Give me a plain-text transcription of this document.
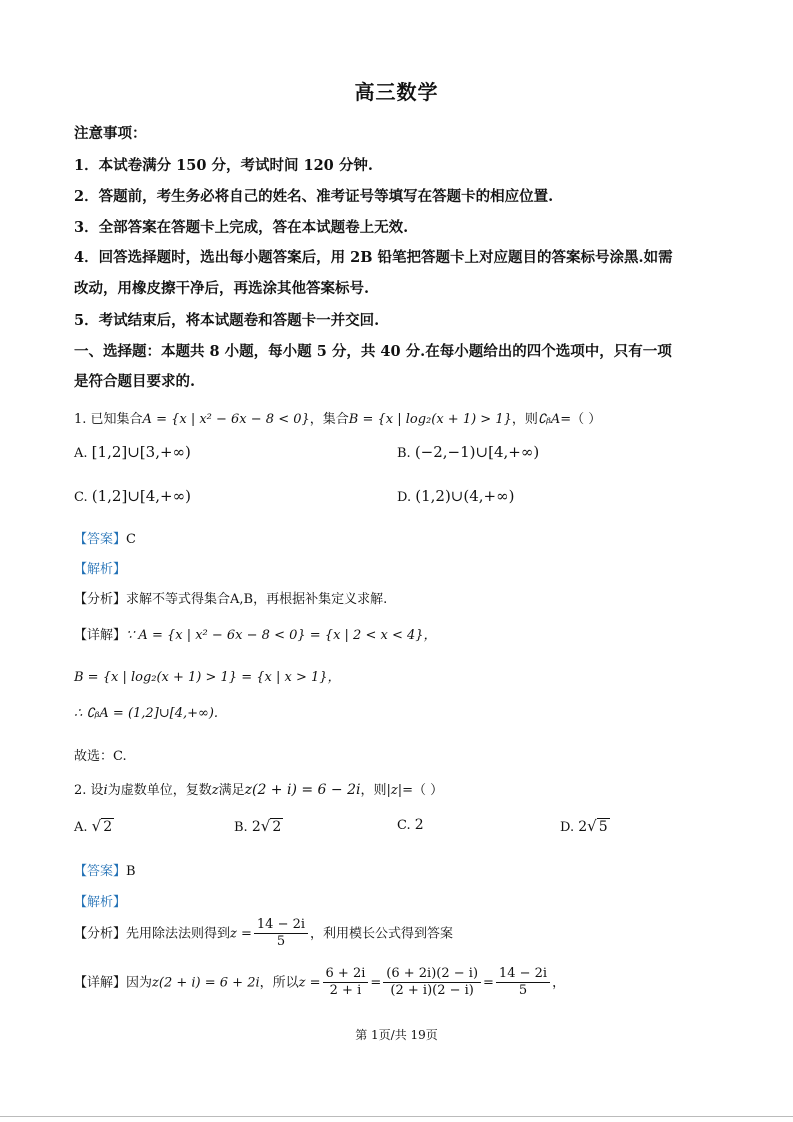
高三数学
注意事项：
1．本试卷满分 150 分，考试时间 120 分钟.
2．答题前，考生务必将自己的姓名、准考证号等填写在答题卡的相应位置.
3．全部答案在答题卡上完成，答在本试题卷上无效.
4．回答选择题时，选出每小题答案后，用 2B 铅笔把答题卡上对应题目的答案标号涂黑.如需
改动，用橡皮擦干净后，再选涂其他答案标号.
5．考试结束后，将本试题卷和答题卡一并交回.
一、选择题：本题共 8 小题，每小题 5 分，共 40 分.在每小题给出的四个选项中，只有一项
是符合题目要求的.
1. 已知集合A = {x | x² − 6x − 8 < 0}，集合B = {x | log₂(x + 1) > 1}，则∁ᵦA=（ ）
A. [1,2]∪[3,+∞)	B. (−2,−1)∪[4,+∞)
C. (1,2]∪[4,+∞)	D. (1,2)∪(4,+∞)
【答案】C
【解析】
【分析】求解不等式得集合A,B，再根据补集定义求解.
【详解】∵ A = {x | x² − 6x − 8 < 0} = {x | 2 < x < 4}，
B = {x | log₂(x + 1) > 1} = {x | x > 1}，
∴ ∁ᵦA = (1,2]∪[4,+∞).
故选：C.
2. 设i为虚数单位，复数z满足z(2 + i) = 6 − 2i，则|z|=（ ）
A. √ 2	B. 2√ 2	C. 2	D. 2√ 5
【答案】B
【解析】
【分析】先用除法法则得到$z = \frac{14 - 2i}{5}$ ，利用模长公式得到答案
【详解】因为z(2 + i) = 6 + 2i，所以$z = \frac{6 + 2i}{2 + i} = \frac{(6 + 2i)(2 - i)}{(2 + i)(2 - i)} = \frac{14 - 2i}{5}$ ，
第 1页/共 19页
